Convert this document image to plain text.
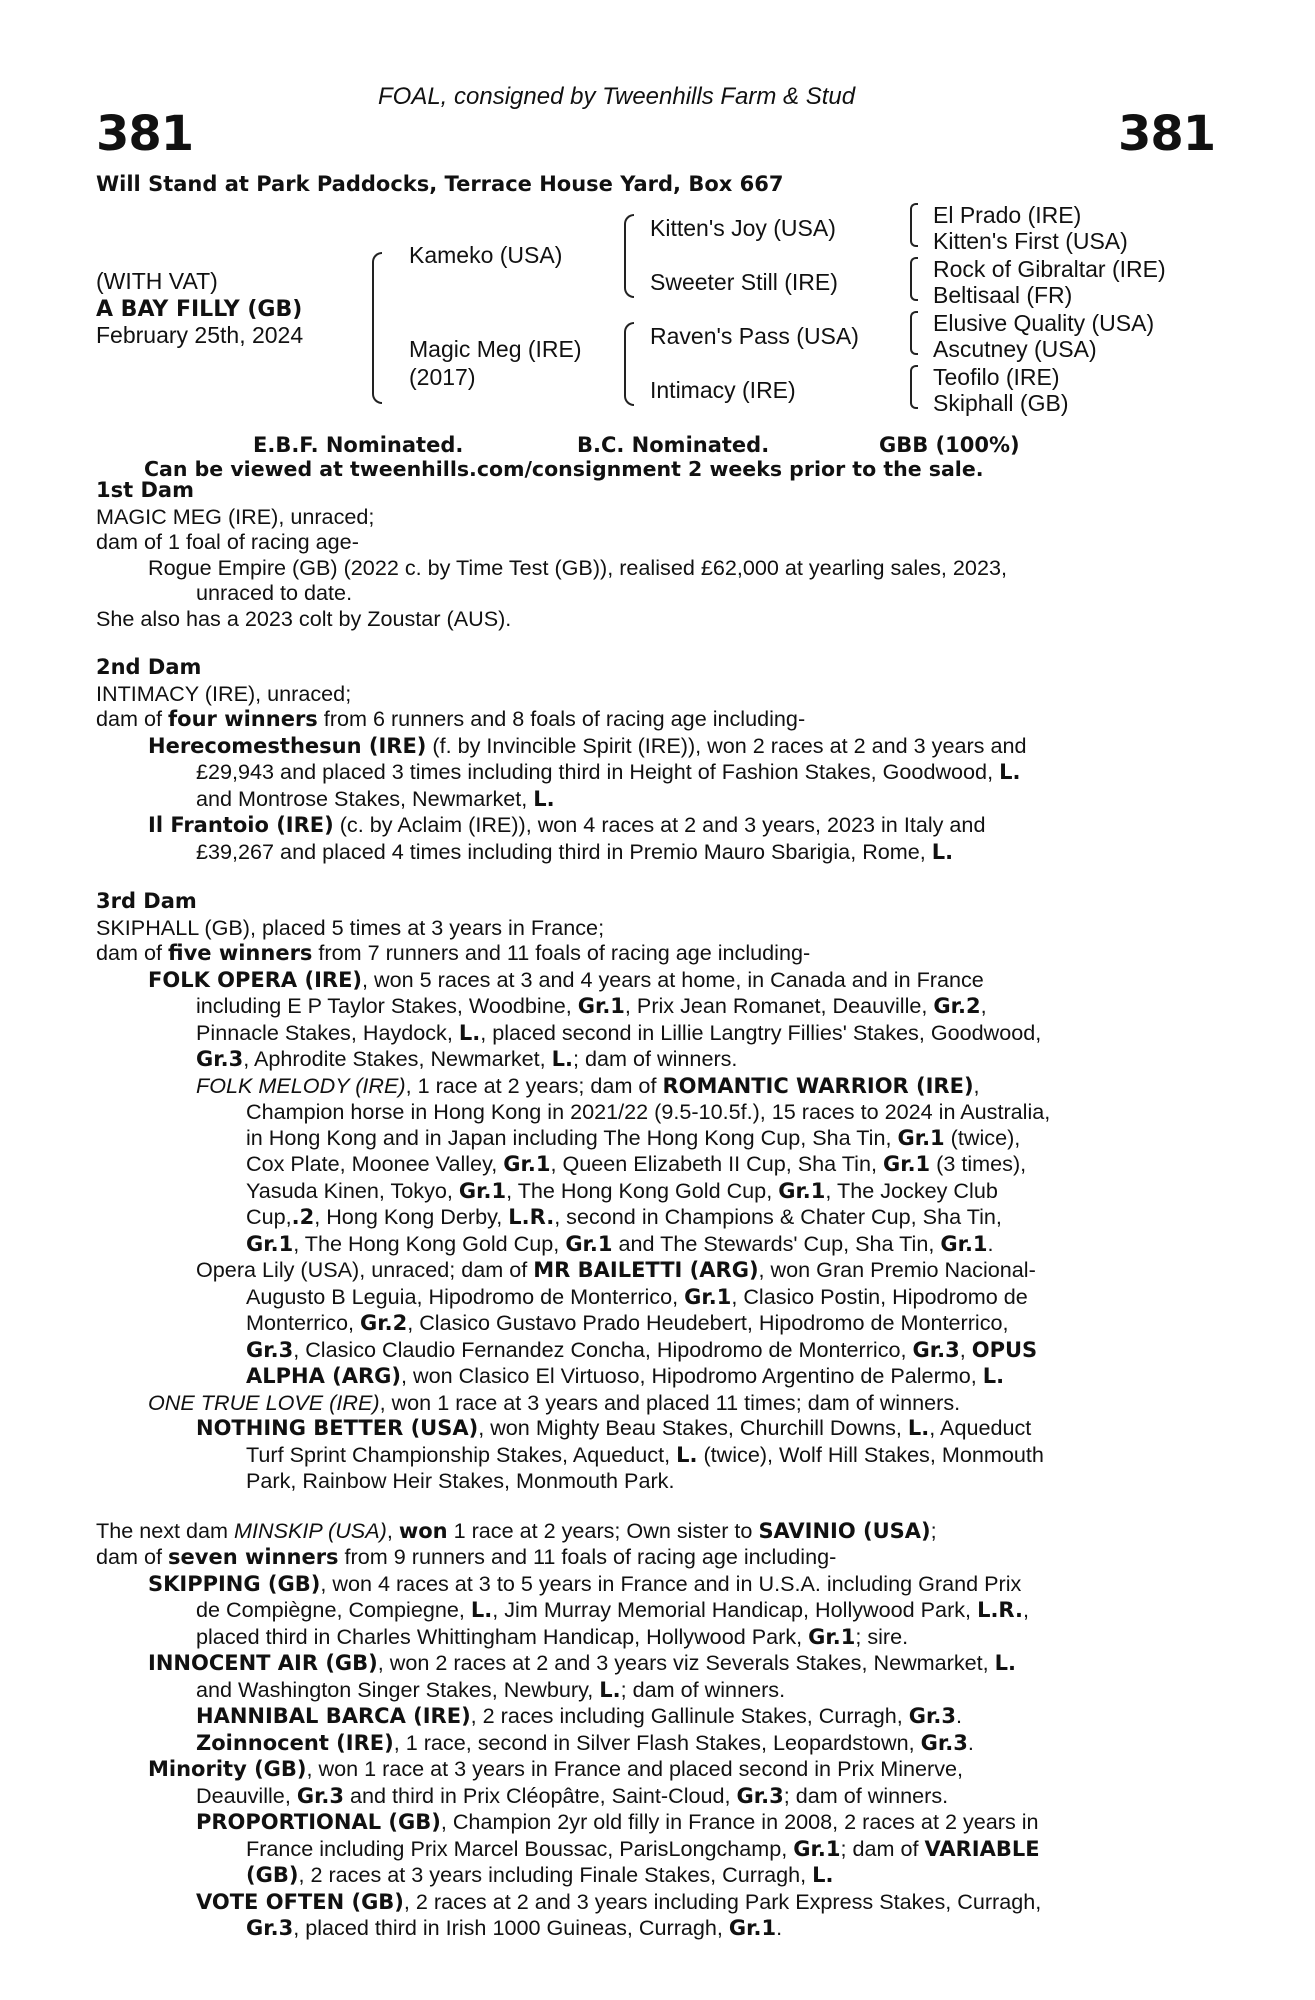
381	381
FOAL, consigned by Tweenhills Farm & Stud
Will Stand at Park Paddocks, Terrace House Yard, Box 667
(WITH VAT)
A BAY FILLY (GB)
February 25th, 2024
Kameko (USA)
Magic Meg (IRE)
(2017)
Kitten's Joy (USA)
Sweeter Still (IRE)
Raven's Pass (USA)
Intimacy (IRE)
El Prado (IRE)
Kitten's First (USA)
Rock of Gibraltar (IRE)
Beltisaal (FR)
Elusive Quality (USA)
Ascutney (USA)
Teofilo (IRE)
Skiphall (GB)
E.B.F. Nominated.	B.C. Nominated.	GBB (100%)
Can be viewed at tweenhills.com/consignment 2 weeks prior to the sale.
1st Dam
MAGIC MEG (IRE), unraced;
dam of 1 foal of racing age-
Rogue Empire (GB) (2022 c. by Time Test (GB)), realised £62,000 at yearling sales, 2023,
unraced to date.
She also has a 2023 colt by Zoustar (AUS).
2nd Dam
INTIMACY (IRE), unraced;
dam of four winners from 6 runners and 8 foals of racing age including-
Herecomesthesun (IRE) (f. by Invincible Spirit (IRE)), won 2 races at 2 and 3 years and
£29,943 and placed 3 times including third in Height of Fashion Stakes, Goodwood, L.
and Montrose Stakes, Newmarket, L.
Il Frantoio (IRE) (c. by Aclaim (IRE)), won 4 races at 2 and 3 years, 2023 in Italy and
£39,267 and placed 4 times including third in Premio Mauro Sbarigia, Rome, L.
3rd Dam
SKIPHALL (GB), placed 5 times at 3 years in France;
dam of five winners from 7 runners and 11 foals of racing age including-
FOLK OPERA (IRE), won 5 races at 3 and 4 years at home, in Canada and in France
including E P Taylor Stakes, Woodbine, Gr.1, Prix Jean Romanet, Deauville, Gr.2,
Pinnacle Stakes, Haydock, L., placed second in Lillie Langtry Fillies' Stakes, Goodwood,
Gr.3, Aphrodite Stakes, Newmarket, L.; dam of winners.
FOLK MELODY (IRE), 1 race at 2 years; dam of ROMANTIC WARRIOR (IRE),
Champion horse in Hong Kong in 2021/22 (9.5-10.5f.), 15 races to 2024 in Australia,
in Hong Kong and in Japan including The Hong Kong Cup, Sha Tin, Gr.1 (twice),
Cox Plate, Moonee Valley, Gr.1, Queen Elizabeth II Cup, Sha Tin, Gr.1 (3 times),
Yasuda Kinen, Tokyo, Gr.1, The Hong Kong Gold Cup, Gr.1, The Jockey Club
Cup,.2, Hong Kong Derby, L.R., second in Champions & Chater Cup, Sha Tin,
Gr.1, The Hong Kong Gold Cup, Gr.1 and The Stewards' Cup, Sha Tin, Gr.1.
Opera Lily (USA), unraced; dam of MR BAILETTI (ARG), won Gran Premio Nacional-
Augusto B Leguia, Hipodromo de Monterrico, Gr.1, Clasico Postin, Hipodromo de
Monterrico, Gr.2, Clasico Gustavo Prado Heudebert, Hipodromo de Monterrico,
Gr.3, Clasico Claudio Fernandez Concha, Hipodromo de Monterrico, Gr.3, OPUS
ALPHA (ARG), won Clasico El Virtuoso, Hipodromo Argentino de Palermo, L.
ONE TRUE LOVE (IRE), won 1 race at 3 years and placed 11 times; dam of winners.
NOTHING BETTER (USA), won Mighty Beau Stakes, Churchill Downs, L., Aqueduct
Turf Sprint Championship Stakes, Aqueduct, L. (twice), Wolf Hill Stakes, Monmouth
Park, Rainbow Heir Stakes, Monmouth Park.
The next dam MINSKIP (USA), won 1 race at 2 years; Own sister to SAVINIO (USA);
dam of seven winners from 9 runners and 11 foals of racing age including-
SKIPPING (GB), won 4 races at 3 to 5 years in France and in U.S.A. including Grand Prix
de Compiègne, Compiegne, L., Jim Murray Memorial Handicap, Hollywood Park, L.R.,
placed third in Charles Whittingham Handicap, Hollywood Park, Gr.1; sire.
INNOCENT AIR (GB), won 2 races at 2 and 3 years viz Severals Stakes, Newmarket, L.
and Washington Singer Stakes, Newbury, L.; dam of winners.
HANNIBAL BARCA (IRE), 2 races including Gallinule Stakes, Curragh, Gr.3.
Zoinnocent (IRE), 1 race, second in Silver Flash Stakes, Leopardstown, Gr.3.
Minority (GB), won 1 race at 3 years in France and placed second in Prix Minerve,
Deauville, Gr.3 and third in Prix Cléopâtre, Saint-Cloud, Gr.3; dam of winners.
PROPORTIONAL (GB), Champion 2yr old filly in France in 2008, 2 races at 2 years in
France including Prix Marcel Boussac, ParisLongchamp, Gr.1; dam of VARIABLE
(GB), 2 races at 3 years including Finale Stakes, Curragh, L.
VOTE OFTEN (GB), 2 races at 2 and 3 years including Park Express Stakes, Curragh,
Gr.3, placed third in Irish 1000 Guineas, Curragh, Gr.1.
